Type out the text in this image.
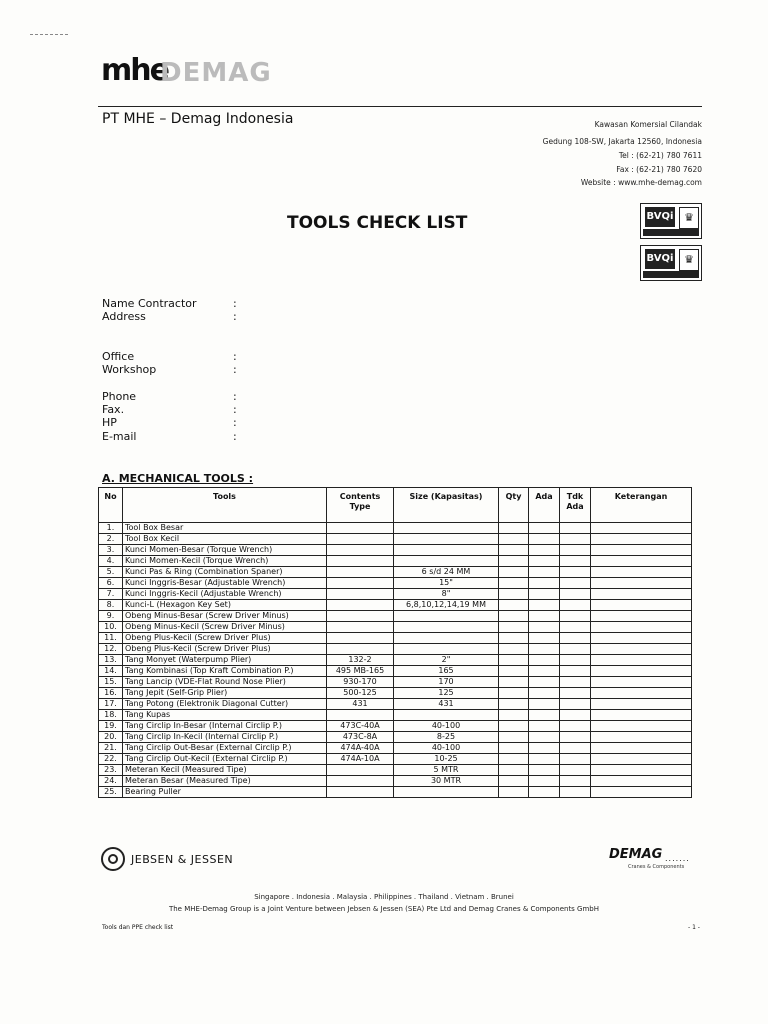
mhe
DEMAG
PT MHE – Demag Indonesia	Kawasan Komersial Cilandak
Gedung 108-SW, Jakarta 12560, Indonesia
Tel : (62-21) 780 7611
Fax : (62-21) 780 7620
Website : www.mhe-demag.com
TOOLS CHECK LIST	BVQi ♛
BVQi ♛
Name Contractor	:
Address	:
Office	:
Workshop	:
Phone	:
Fax.	:
HP	:
E-mail	:
A. MECHANICAL TOOLS :
No	Tools	Contents Type	Size (Kapasitas)	Qty	Ada	Tdk Ada	Keterangan
1.	Tool Box Besar						
2.	Tool Box Kecil						
3.	Kunci Momen-Besar (Torque Wrench)						
4.	Kunci Momen-Kecil (Torque Wrench)						
5.	Kunci Pas & Ring (Combination Spaner)		6 s/d 24 MM				
6.	Kunci Inggris-Besar (Adjustable Wrench)		15"				
7.	Kunci Inggris-Kecil (Adjustable Wrench)		8"				
8.	Kunci-L (Hexagon Key Set)		6,8,10,12,14,19 MM				
9.	Obeng Minus-Besar (Screw Driver Minus)						
10.	Obeng Minus-Kecil (Screw Driver Minus)						
11.	Obeng Plus-Kecil (Screw Driver Plus)						
12.	Obeng Plus-Kecil (Screw Driver Plus)						
13.	Tang Monyet (Waterpump Plier)	132-2	2"				
14.	Tang Kombinasi (Top Kraft Combination P.)	495 MB-165	165				
15.	Tang Lancip (VDE-Flat Round Nose Plier)	930-170	170				
16.	Tang Jepit (Self-Grip Plier)	500-125	125				
17.	Tang Potong (Elektronik Diagonal Cutter)	431	431				
18.	Tang Kupas						
19.	Tang Circlip In-Besar (Internal Circlip P.)	473C-40A	40-100				
20.	Tang Circlip In-Kecil (Internal Circlip P.)	473C-8A	8-25				
21.	Tang Circlip Out-Besar (External Circlip P.)	474A-40A	40-100				
22.	Tang Circlip Out-Kecil (External Circlip P.)	474A-10A	10-25				
23.	Meteran Kecil (Measured Tipe)		5 MTR				
24.	Meteran Besar (Measured Tipe)		30 MTR				
25.	Bearing Puller						
JEBSEN & JESSEN	DEMAG .......
Cranes & Components
Singapore . Indonesia . Malaysia . Philippines . Thailand . Vietnam . Brunei
The MHE-Demag Group is a Joint Venture between Jebsen & Jessen (SEA) Pte Ltd and Demag Cranes & Components GmbH
Tools dan PPE check list	- 1 -
